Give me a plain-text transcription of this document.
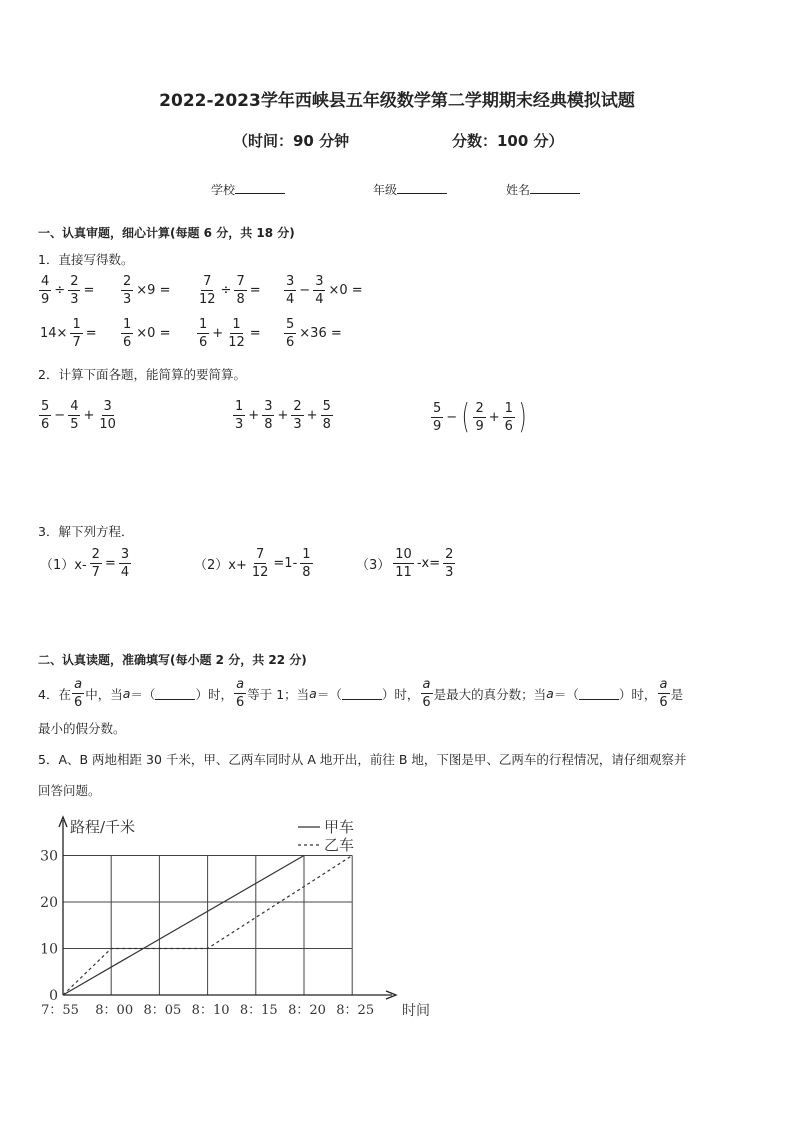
2022-2023学年西峡县五年级数学第二学期期末经典模拟试题
（时间：90 分钟	分数：100 分）
学校	年级	姓名
一、认真审题，细心计算(每题 6 分，共 18 分)
1．直接写得数。
$\frac{4}{9} \div \frac{2}{3} = \frac{2}{3} \times 9 = \frac{7}{12} \div \frac{7}{8} = \frac{3}{4} - \frac{3}{4} \times 0$ =
$14\times \frac{1}{7} = \frac{1}{6} \times 0 = \frac{1}{6} + \frac{1}{12} = \frac{5}{6} \times 36$ =
2．计算下面各题，能简算的要简算。
$\frac{5}{6} - \frac{4}{5} + \frac{3}{10}$	$\frac{1}{3} + \frac{3}{8} + \frac{2}{3} + \frac{5}{8}$	$\frac{5}{9}$ − ( $\frac{2}{9} + \frac{1}{6}$ )
3．解下列方程．
$(1)x- \frac{2}{7} = \frac{3}{4}$	$(2)x+ \frac{7}{12} =1- \frac{1}{8}$	$(3) \frac{10}{11} -x= \frac{2}{3}$
二、认真读题，准确填写(每小题 2 分，共 22 分)
4．在 $\frac{a}{6}$ 中，当 a ＝（	）时， $\frac{a}{6}$ 等于 1；当 a ＝（	）时， $\frac{a}{6}$ 是最大的真分数；当 a ＝（	）时， $\frac{a}{6}$ 是
最小的假分数。
5．A、B 两地相距 30 千米，甲、乙两车同时从 A 地开出，前往 B 地，下图是甲、乙两车的行程情况，请仔细观察并
回答问题。
0
10
20
30
7：55 8：00 8：05 8：10 8：15 8：20 8：25
路程/千米
时间
甲车
乙车
